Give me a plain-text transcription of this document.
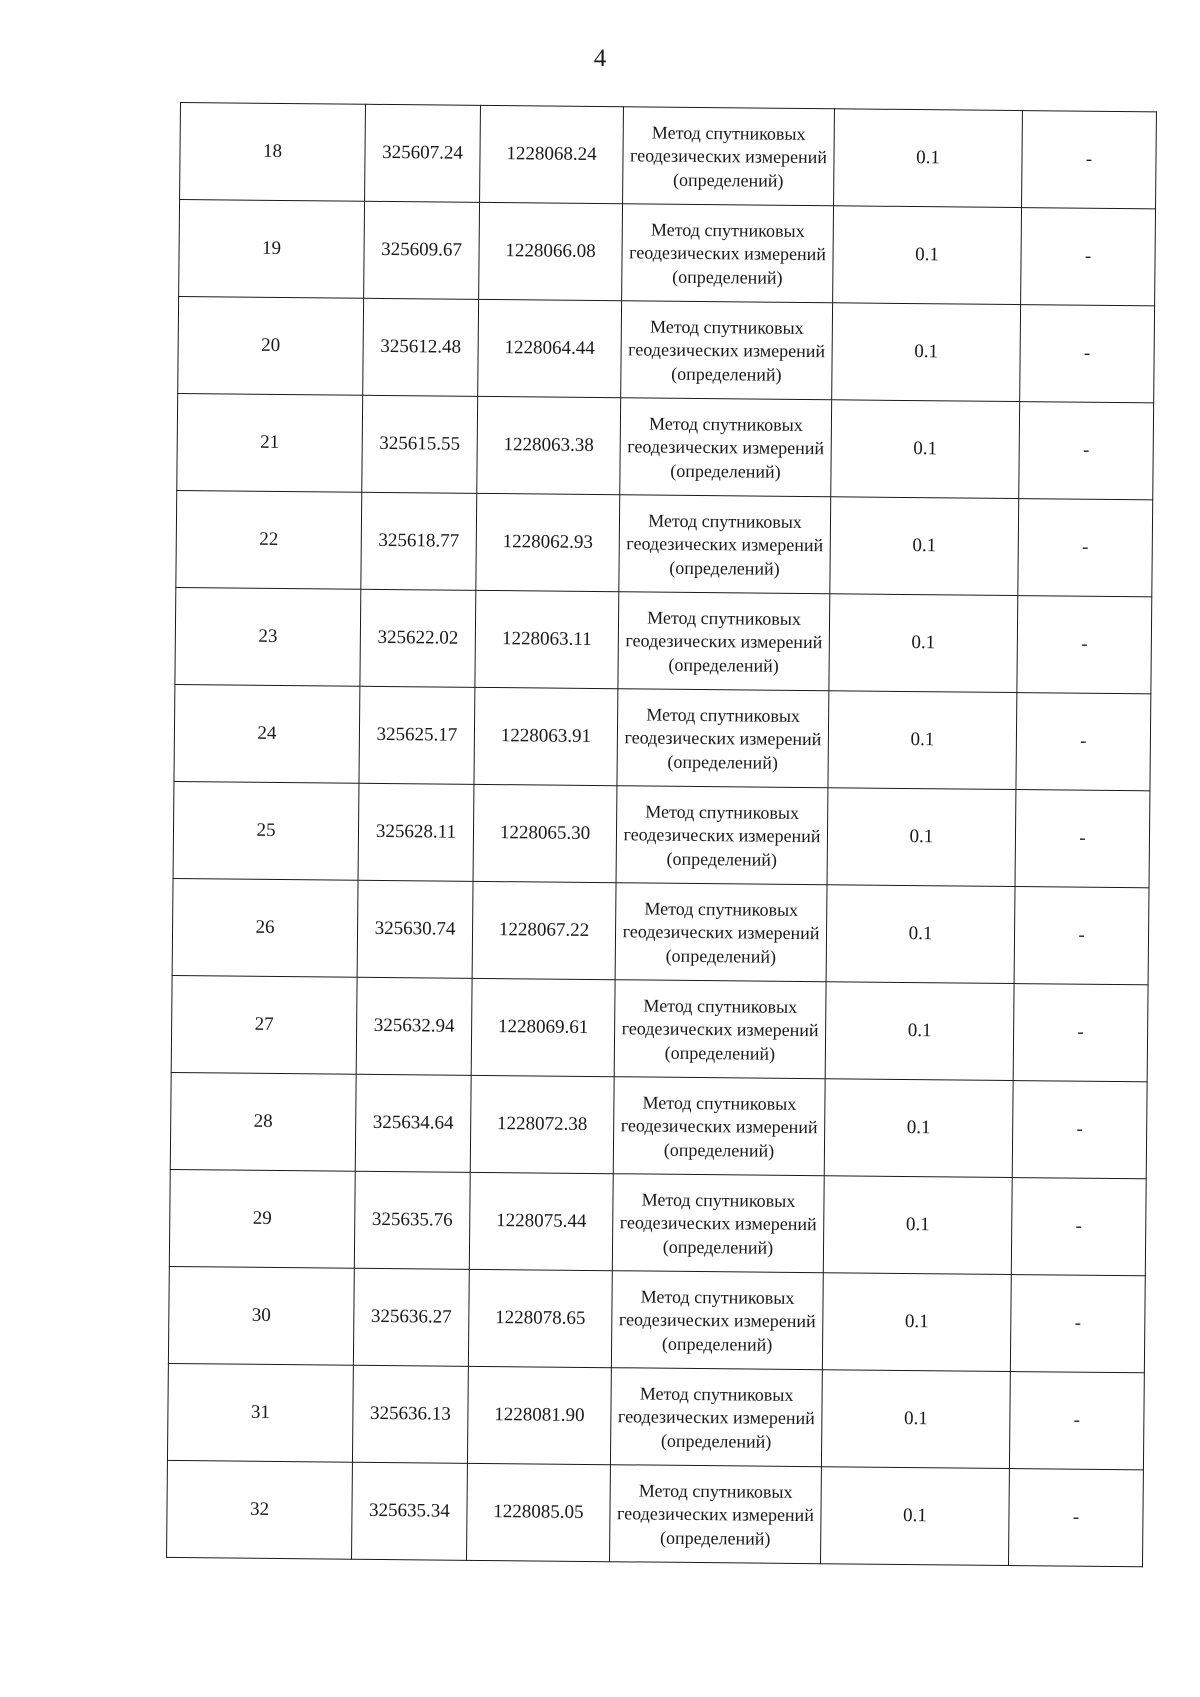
4
18	325607.24	1228068.24	Метод спутниковых геодезических измерений (определений)	0.1	-
19	325609.67	1228066.08	Метод спутниковых геодезических измерений (определений)	0.1	-
20	325612.48	1228064.44	Метод спутниковых геодезических измерений (определений)	0.1	-
21	325615.55	1228063.38	Метод спутниковых геодезических измерений (определений)	0.1	-
22	325618.77	1228062.93	Метод спутниковых геодезических измерений (определений)	0.1	-
23	325622.02	1228063.11	Метод спутниковых геодезических измерений (определений)	0.1	-
24	325625.17	1228063.91	Метод спутниковых геодезических измерений (определений)	0.1	-
25	325628.11	1228065.30	Метод спутниковых геодезических измерений (определений)	0.1	-
26	325630.74	1228067.22	Метод спутниковых геодезических измерений (определений)	0.1	-
27	325632.94	1228069.61	Метод спутниковых геодезических измерений (определений)	0.1	-
28	325634.64	1228072.38	Метод спутниковых геодезических измерений (определений)	0.1	-
29	325635.76	1228075.44	Метод спутниковых геодезических измерений (определений)	0.1	-
30	325636.27	1228078.65	Метод спутниковых геодезических измерений (определений)	0.1	-
31	325636.13	1228081.90	Метод спутниковых геодезических измерений (определений)	0.1	-
32	325635.34	1228085.05	Метод спутниковых геодезических измерений (определений)	0.1	-
